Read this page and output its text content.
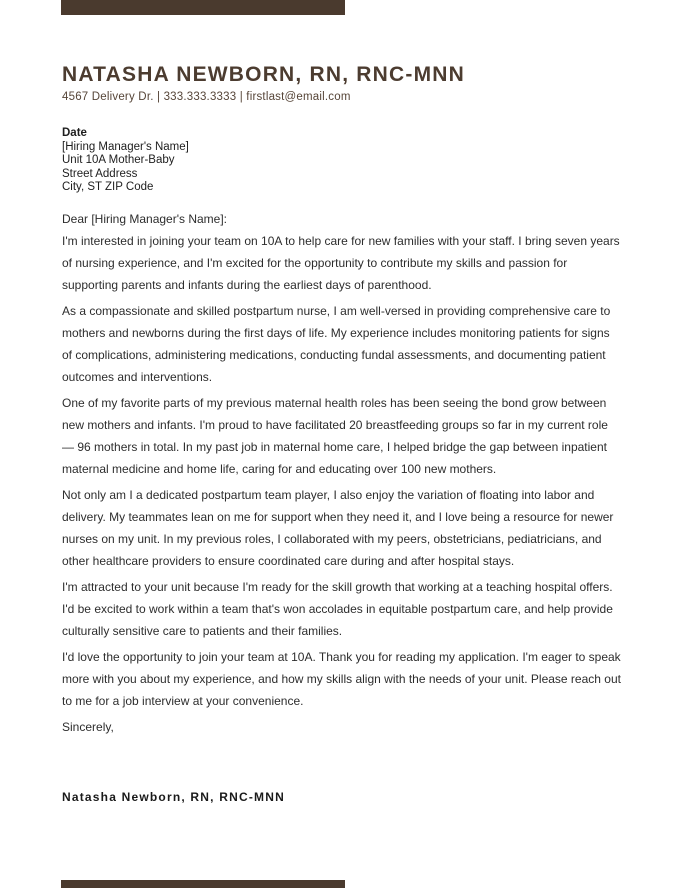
NATASHA NEWBORN, RN, RNC-MNN
4567 Delivery Dr. | 333.333.3333 | firstlast@email.com
Date
[Hiring Manager's Name]
Unit 10A Mother-Baby
Street Address
City, ST ZIP Code
Dear [Hiring Manager's Name]:

I'm interested in joining your team on 10A to help care for new families with your staff. I bring seven years of nursing experience, and I'm excited for the opportunity to contribute my skills and passion for supporting parents and infants during the earliest days of parenthood.

As a compassionate and skilled postpartum nurse, I am well-versed in providing comprehensive care to mothers and newborns during the first days of life. My experience includes monitoring patients for signs of complications, administering medications, conducting fundal assessments, and documenting patient outcomes and interventions.

One of my favorite parts of my previous maternal health roles has been seeing the bond grow between new mothers and infants. I'm proud to have facilitated 20 breastfeeding groups so far in my current role — 96 mothers in total. In my past job in maternal home care, I helped bridge the gap between inpatient maternal medicine and home life, caring for and educating over 100 new mothers.

Not only am I a dedicated postpartum team player, I also enjoy the variation of floating into labor and delivery. My teammates lean on me for support when they need it, and I love being a resource for newer nurses on my unit. In my previous roles, I collaborated with my peers, obstetricians, pediatricians, and other healthcare providers to ensure coordinated care during and after hospital stays.

I'm attracted to your unit because I'm ready for the skill growth that working at a teaching hospital offers. I'd be excited to work within a team that's won accolades in equitable postpartum care, and help provide culturally sensitive care to patients and their families.

I'd love the opportunity to join your team at 10A. Thank you for reading my application. I'm eager to speak more with you about my experience, and how my skills align with the needs of your unit. Please reach out to me for a job interview at your convenience.

Sincerely,
Natasha Newborn, RN, RNC-MNN
